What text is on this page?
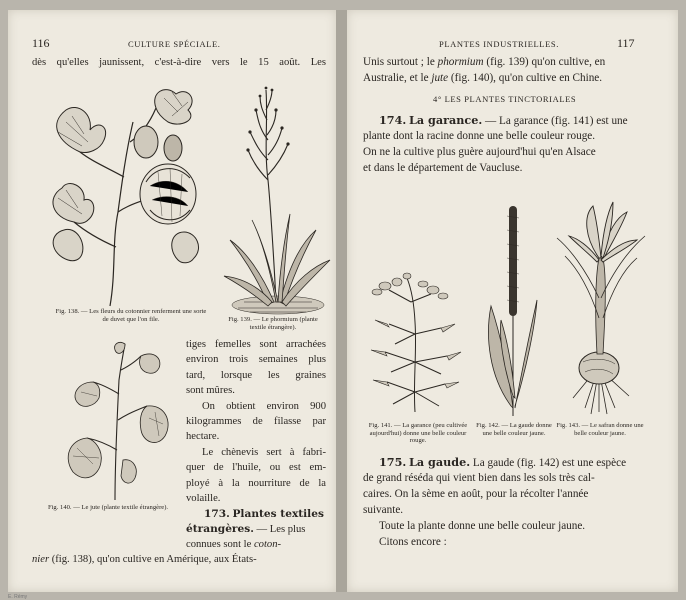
116	CULTURE SPÉCIALE.

dès qu'elles jaunissent, c'est-à-dire vers le 15 août. Les

Fig. 138. — Les fleurs du cotonnier renferment une sorte de duvet que l'on file.	Fig. 139. — Le phormium (plante textile étrangère).

Fig. 140. — Le jute (plante textile étrangère).

tiges femelles sont arrachées
environ trois semaines plus
tard, lorsque les graines
sont mûres.
On obtient environ 900
kilogrammes de filasse par
hectare.
Le chènevis sert à fabri-
quer de l'huile, ou est em-
ployé à la nourriture de la
volaille.
173. Plantes textiles
étrangères. — Les plus
connues sont le coton-
nier (fig. 138), qu'on cultive en Amérique, aux États-
PLANTES INDUSTRIELLES.	117
Unis surtout ; le phormium (fig. 139) qu'on cultive, en
Australie, et le jute (fig. 140), qu'on cultive en Chine.
4° LES PLANTES TINCTORIALES
174. La garance. — La garance (fig. 141) est une
plante dont la racine donne une belle couleur rouge.
On ne la cultive plus guère aujourd'hui qu'en Alsace
et dans le département de Vaucluse.

Fig. 141. — La garance (peu cultivée aujourd'hui) donne une belle couleur rouge.

Fig. 142. — La gaude donne une belle couleur jaune.

Fig. 143. — Le safran donne une belle couleur jaune.

175. La gaude. La gaude (fig. 142) est une espèce
de grand réséda qui vient bien dans les sols très cal-
caires. On la sème en août, pour la récolter l'année
suivante.
Toute la plante donne une belle couleur jaune.
Citons encore :
E. Rémy
